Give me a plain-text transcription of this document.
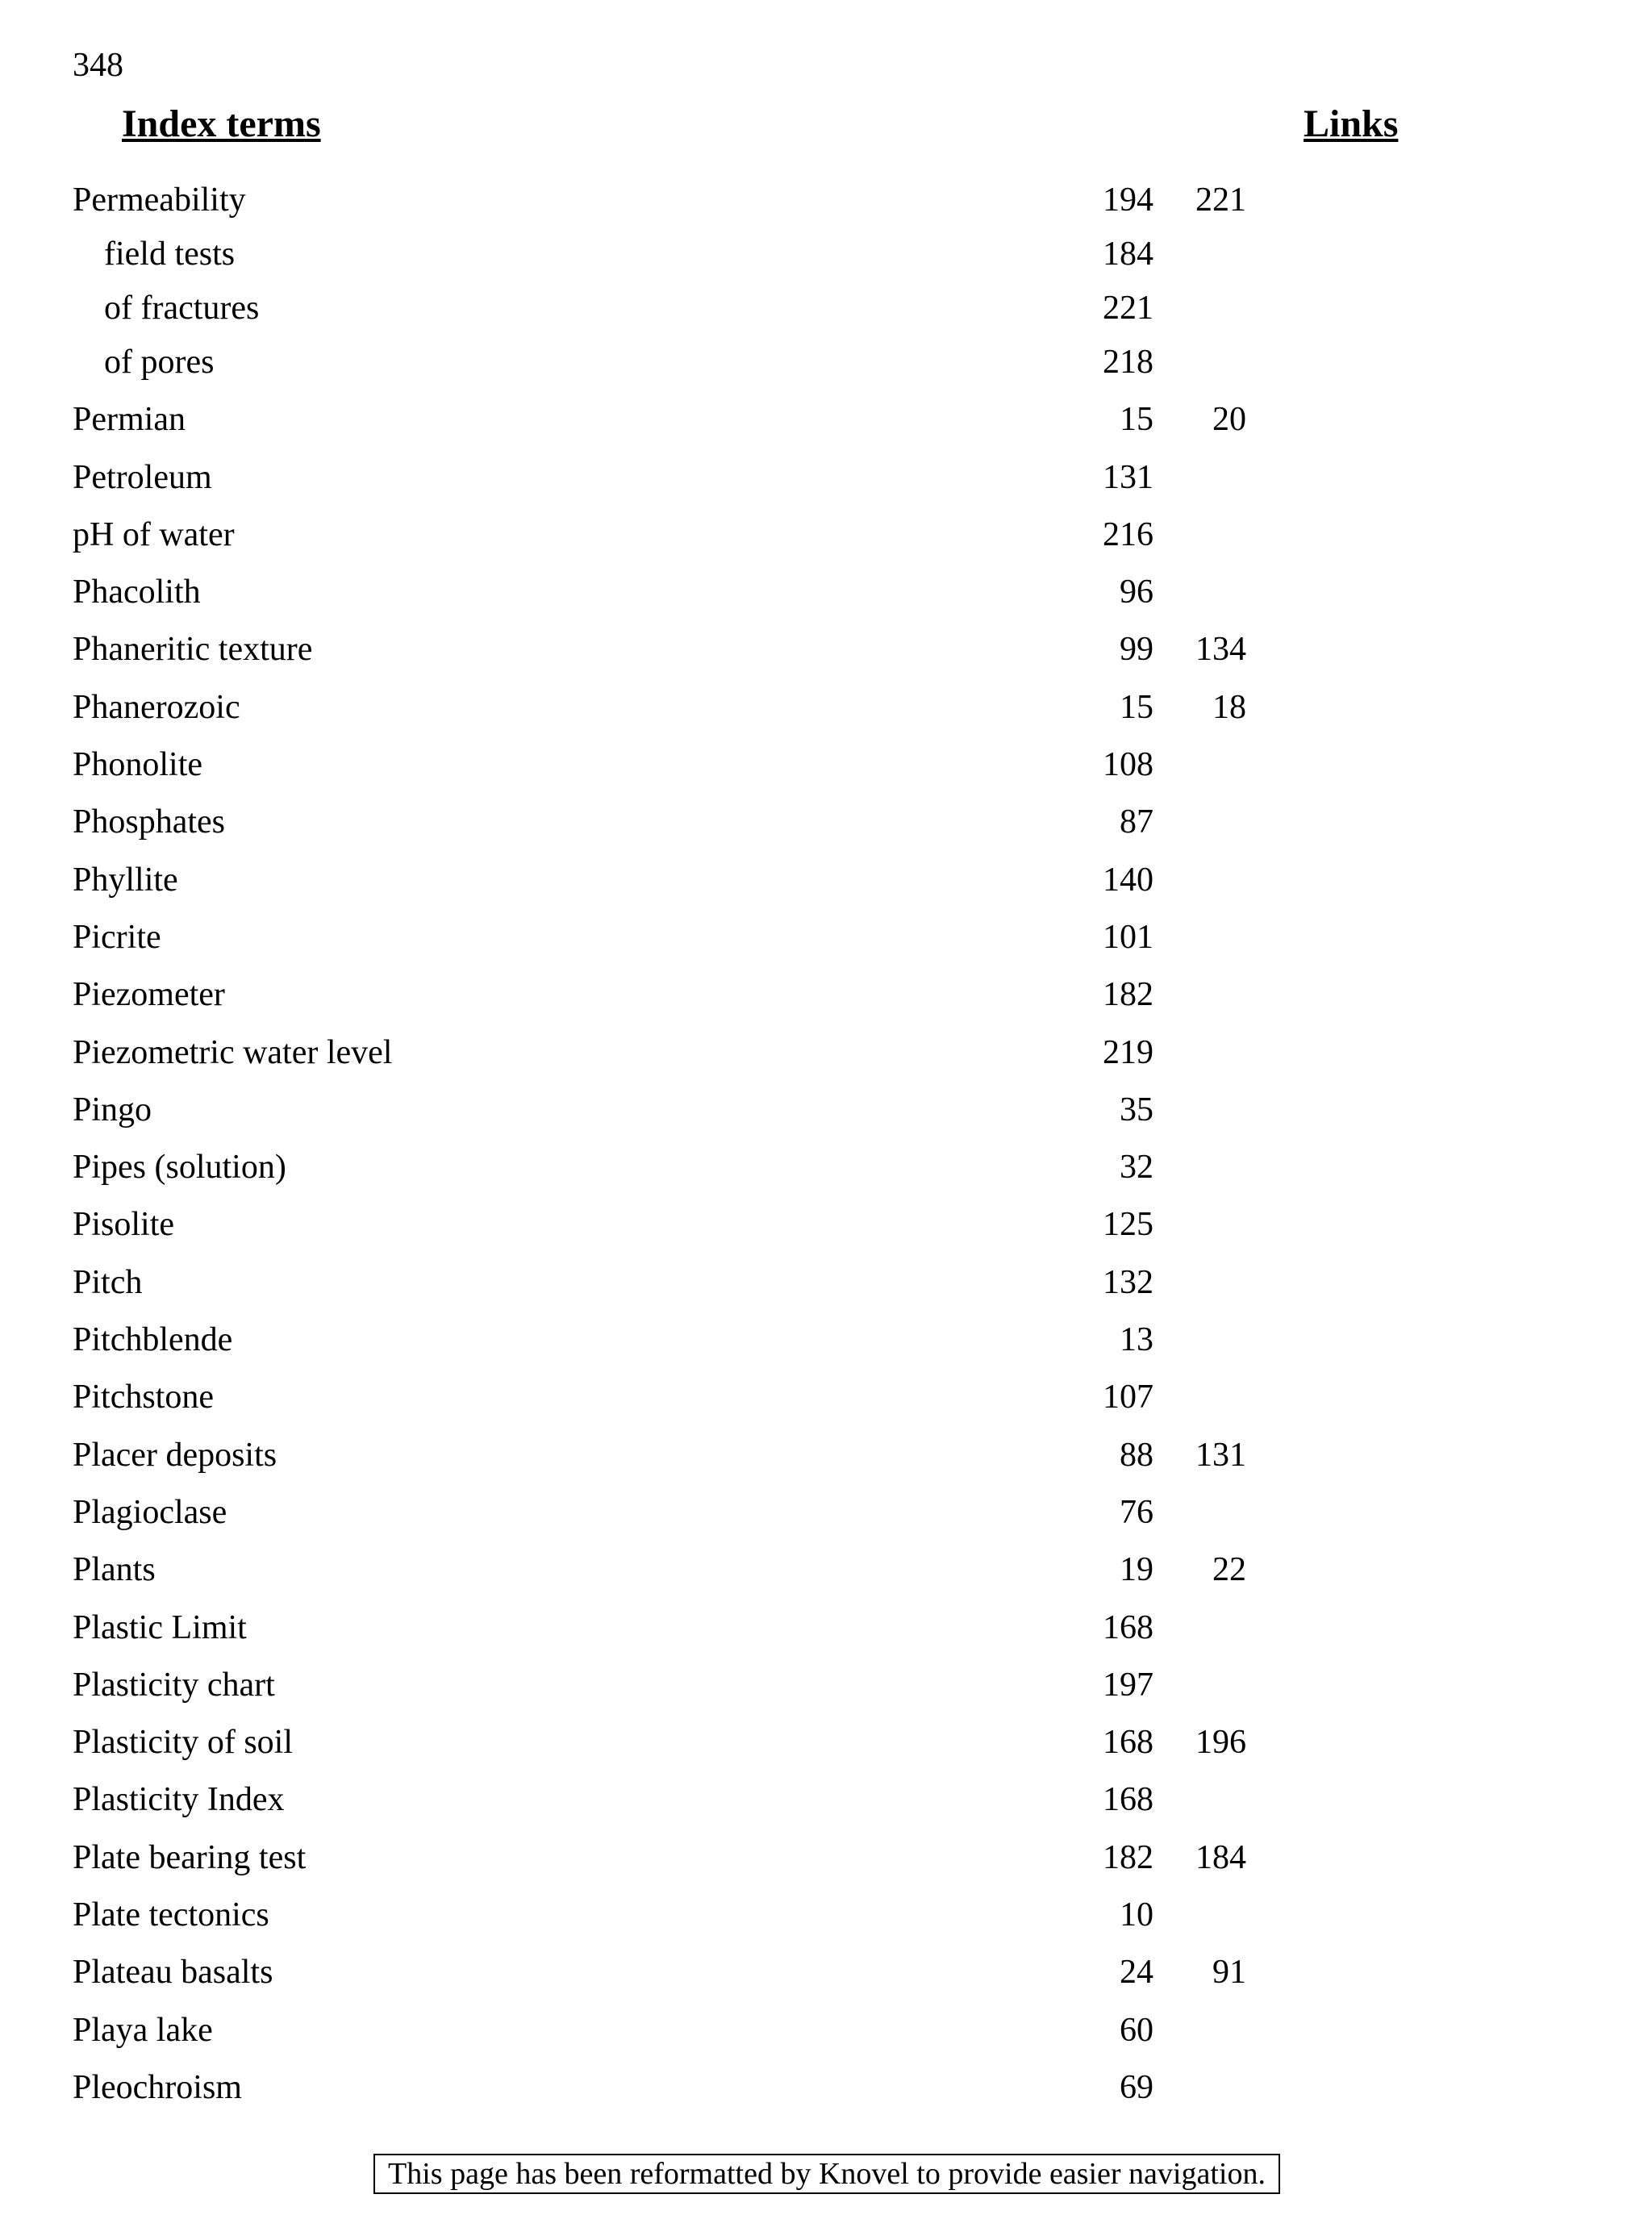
348
Index terms	Links
Permeability	194	221
field tests	184
of fractures	221
of pores	218
Permian	15	20
Petroleum	131
pH of water	216
Phacolith	96
Phaneritic texture	99	134
Phanerozoic	15	18
Phonolite	108
Phosphates	87
Phyllite	140
Picrite	101
Piezometer	182
Piezometric water level	219
Pingo	35
Pipes (solution)	32
Pisolite	125
Pitch	132
Pitchblende	13
Pitchstone	107
Placer deposits	88	131
Plagioclase	76
Plants	19	22
Plastic Limit	168
Plasticity chart	197
Plasticity of soil	168	196
Plasticity Index	168
Plate bearing test	182	184
Plate tectonics	10
Plateau basalts	24	91
Playa lake	60
Pleochroism	69
This page has been reformatted by Knovel to provide easier navigation.
